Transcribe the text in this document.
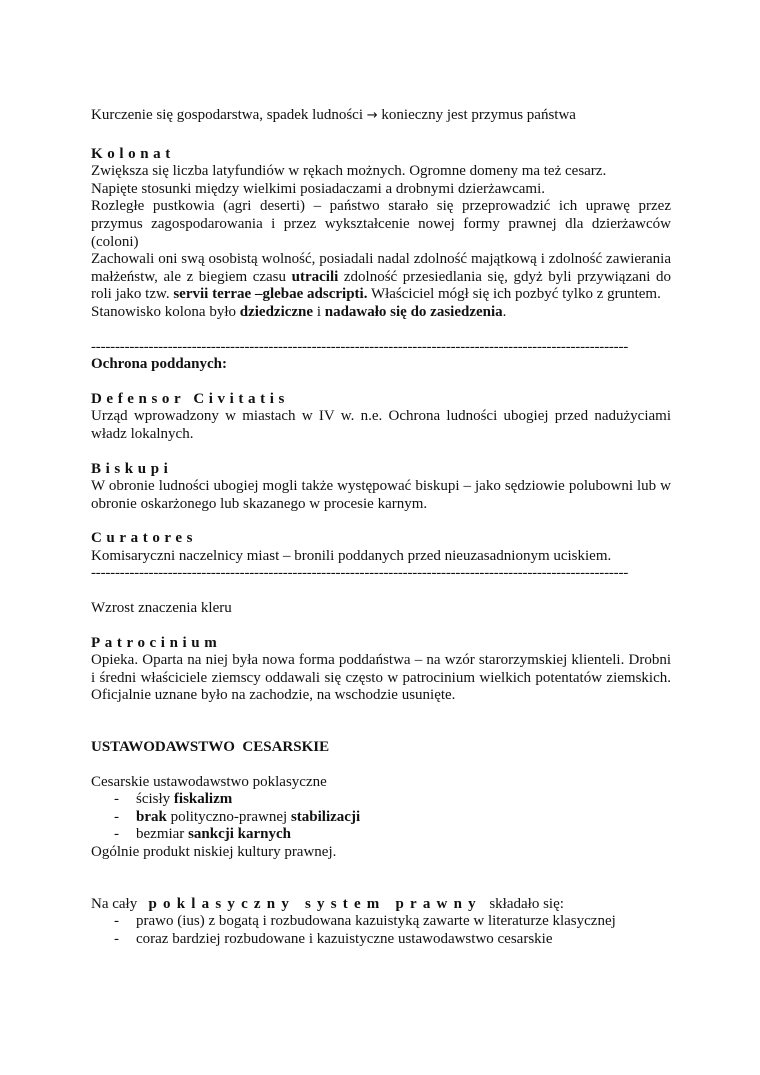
Kurczenie się gospodarstwa, spadek ludności → konieczny jest przymus państwa

Kolonat

Zwiększa się liczba latyfundiów w rękach możnych. Ogromne domeny ma też cesarz.

Napięte stosunki między wielkimi posiadaczami a drobnymi dzierżawcami.

Rozległe pustkowia (agri deserti) – państwo starało się przeprowadzić ich uprawę przez przymus zagospodarowania i przez wykształcenie nowej formy prawnej dla dzierżawców (coloni)

Zachowali oni swą osobistą wolność, posiadali nadal zdolność majątkową i zdolność zawierania małżeństw, ale z biegiem czasu utracili zdolność przesiedlania się, gdyż byli przywiązani do roli jako tzw. servii terrae –glebae adscripti. Właściciel mógł się ich pozbyć tylko z gruntem.

Stanowisko kolona było dziedziczne i nadawało się do zasiedzenia.

----------------------------------------------------------------------------------------------------------------

Ochrona poddanych:

Defensor Civitatis

Urząd wprowadzony w miastach w IV w. n.e. Ochrona ludności ubogiej przed nadużyciami władz lokalnych.

Biskupi

W obronie ludności ubogiej mogli także występować biskupi – jako sędziowie polubowni lub w obronie oskarżonego lub skazanego w procesie karnym.

Curatores

Komisaryczni naczelnicy miast – bronili poddanych przed nieuzasadnionym uciskiem.

----------------------------------------------------------------------------------------------------------------

Wzrost znaczenia kleru

Patrocinium

Opieka. Oparta na niej była nowa forma poddaństwa – na wzór starorzymskiej klienteli. Drobni i średni właściciele ziemscy oddawali się często w patrocinium wielkich potentatów ziemskich. Oficjalnie uznane było na zachodzie, na wschodzie usunięte.

USTAWODAWSTWO  CESARSKIE

Cesarskie ustawodawstwo poklasyczne

- ścisły fiskalizm
- brak polityczno-prawnej stabilizacji
- bezmiar sankcji karnych

Ogólnie produkt niskiej kultury prawnej.

Na cały poklasyczny system prawny składało się:

- prawo (ius) z bogatą i rozbudowana kazuistyką zawarte w literaturze klasycznej
- coraz bardziej rozbudowane i kazuistyczne ustawodawstwo cesarskie
